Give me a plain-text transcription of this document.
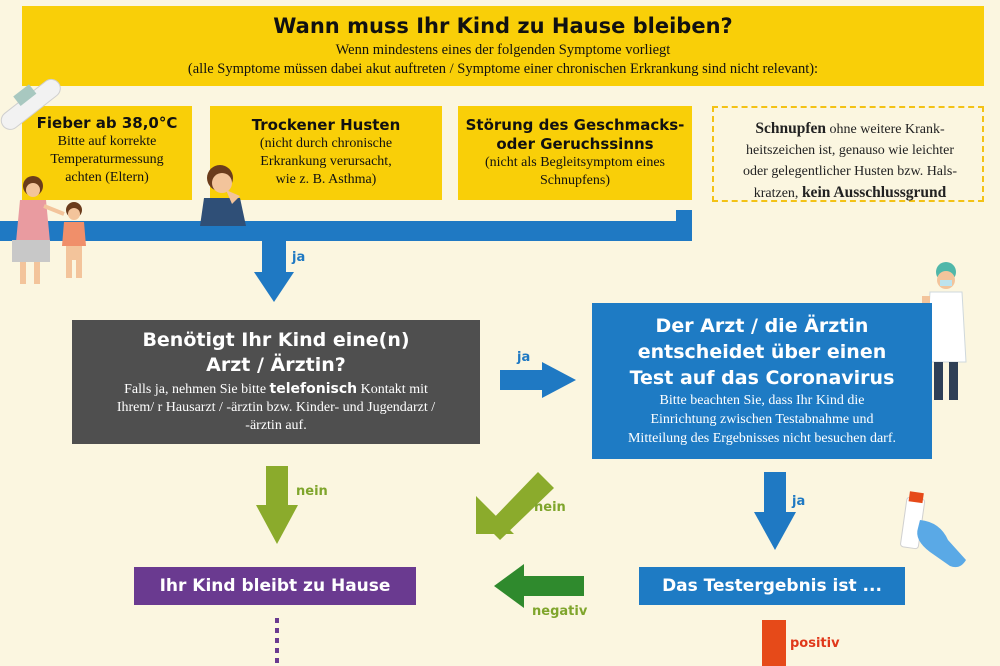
Wann muss Ihr Kind zu Hause bleiben?
Wenn mindestens eines der folgenden Symptome vorliegt
(alle Symptome müssen dabei akut auftreten / Symptome einer chronischen Erkrankung sind nicht relevant):
Fieber ab 38,0°C
Bitte auf korrekte
Temperaturmessung
achten (Eltern)
Trockener Husten
(nicht durch chronische
Erkrankung verursacht,
wie z. B. Asthma)
Störung des Geschmacks-
oder Geruchssinns
(nicht als Begleitsymptom eines
Schnupfens)
Schnupfen ohne weitere Krank-
heitszeichen ist, genauso wie leichter
oder gelegentlicher Husten bzw. Hals-
kratzen, kein Ausschlussgrund
ja
ja
nein
nein	ja
negativ
positiv
Benötigt Ihr Kind eine(n)
Arzt / Ärztin?
Falls ja, nehmen Sie bitte telefonisch Kontakt mit
Ihrem/ r Hausarzt / -ärztin bzw. Kinder- und Jugendarzt /
-ärztin auf.
Der Arzt / die Ärztin
entscheidet über einen
Test auf das Coronavirus
Bitte beachten Sie, dass Ihr Kind die
Einrichtung zwischen Testabnahme und
Mitteilung des Ergebnisses nicht besuchen darf.
Ihr Kind bleibt zu Hause	Das Testergebnis ist ...
